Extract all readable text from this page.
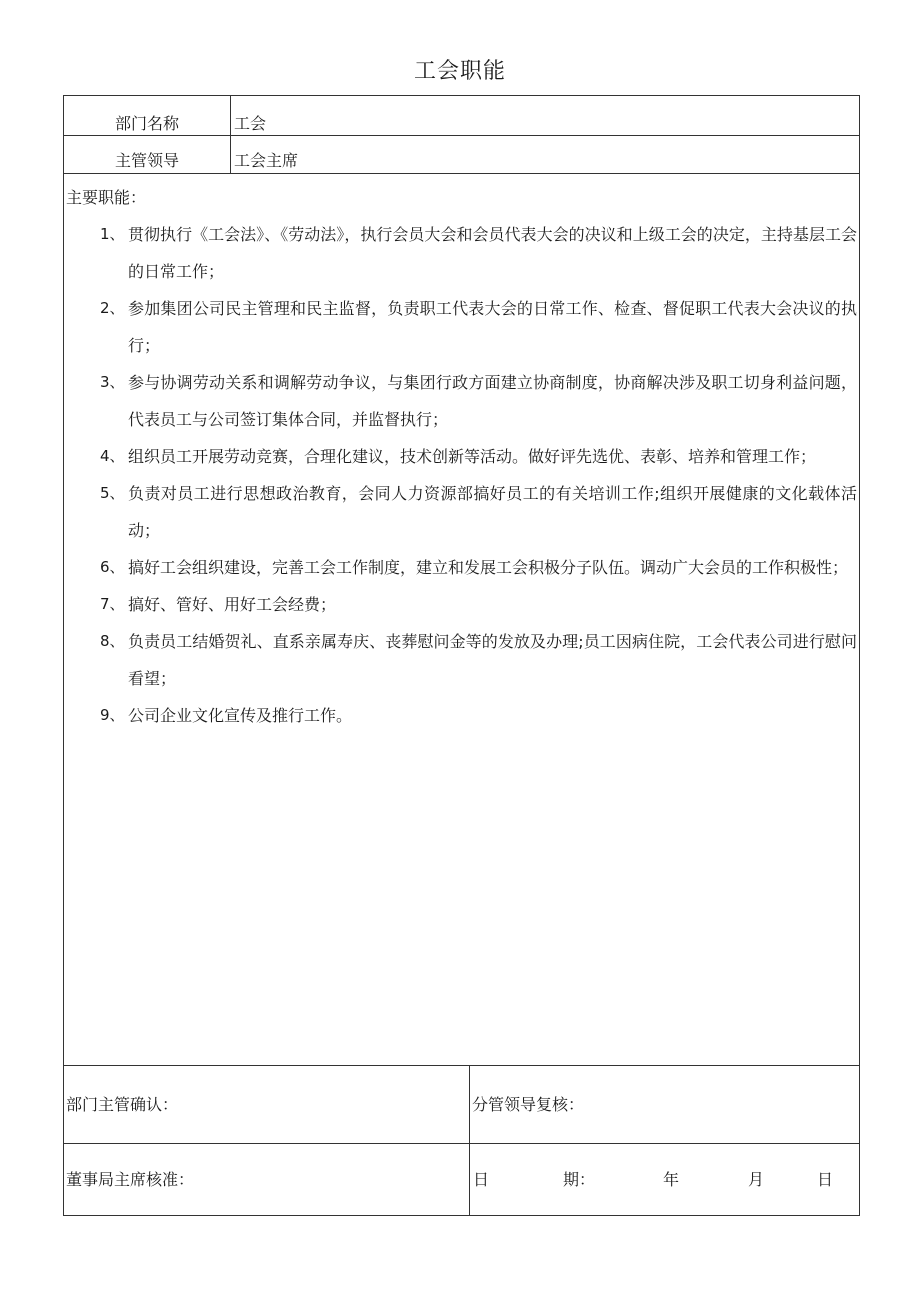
工会职能
部门名称	工会
主管领导	工会主席
主要职能：
1、 贯彻执行《工会法》、《劳动法》，执行会员大会和会员代表大会的决议和上级工会的决定，主持基层工会的日常工作；
2、 参加集团公司民主管理和民主监督，负责职工代表大会的日常工作、检查、督促职工代表大会决议的执行；
3、 参与协调劳动关系和调解劳动争议，与集团行政方面建立协商制度，协商解决涉及职工切身利益问题，代表员工与公司签订集体合同，并监督执行；
4、 组织员工开展劳动竞赛，合理化建议，技术创新等活动。做好评先选优、表彰、培养和管理工作；
5、 负责对员工进行思想政治教育，会同人力资源部搞好员工的有关培训工作;组织开展健康的文化载体活动；
6、 搞好工会组织建设，完善工会工作制度，建立和发展工会积极分子队伍。调动广大会员的工作积极性；
7、 搞好、管好、用好工会经费；
8、 负责员工结婚贺礼、直系亲属寿庆、丧葬慰问金等的发放及办理;员工因病住院，工会代表公司进行慰问看望；
9、 公司企业文化宣传及推行工作。
部门主管确认：	分管领导复核：
董事局主席核准：	日	期：	年	月	日
